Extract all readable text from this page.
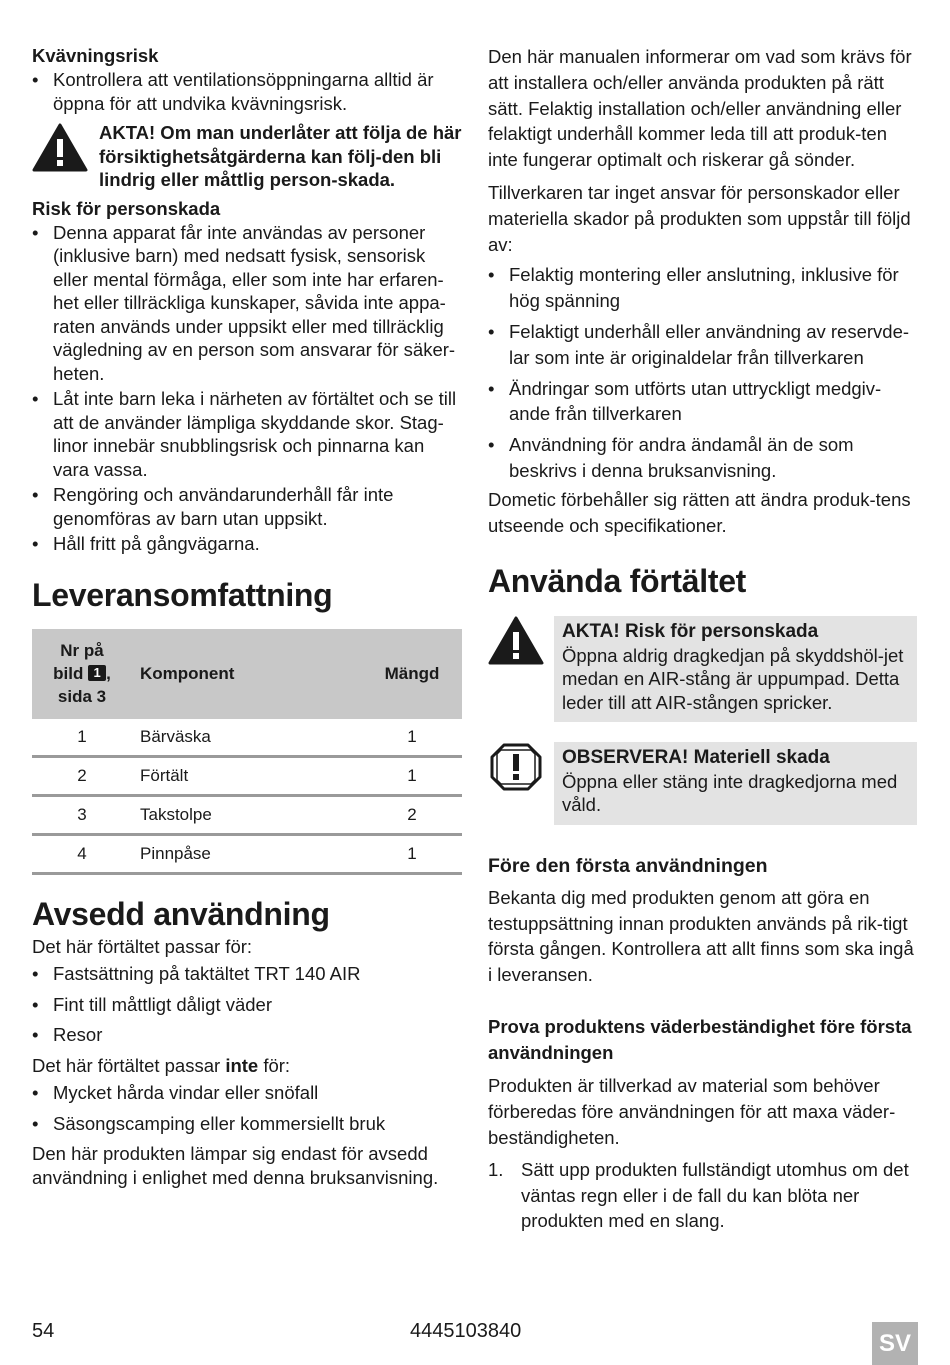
Kvävningsrisk

• Kontrollera att ventilationsöppningarna alltid är öppna för att undvika kvävningsrisk.

AKTA! Om man underlåter att följa de här försiktighetsåtgärderna kan följ-den bli lindrig eller måttlig person-skada.

Risk för personskada

• Denna apparat får inte användas av personer (inklusive barn) med nedsatt fysisk, sensorisk eller mental förmåga, eller som inte har erfaren-het eller tillräckliga kunskaper, såvida inte appa-raten används under uppsikt eller med tillräcklig vägledning av en person som ansvarar för säker-heten.
• Låt inte barn leka i närheten av förtältet och se till att de använder lämpliga skyddande skor. Stag-linor innebär snubblingsrisk och pinnarna kan vara vassa.
• Rengöring och användarunderhåll får inte genomföras av barn utan uppsikt.
• Håll fritt på gångvägarna.
Leveransomfattning
Nr på
bild 1 ,
sida 3	Komponent	Mängd
1	Bärväska	1
2	Förtält	1
3	Takstolpe	2
4	Pinnpåse	1
Avsedd användning

Det här förtältet passar för:

• Fastsättning på taktältet TRT 140 AIR
• Fint till måttligt dåligt väder
• Resor

Det här förtältet passar inte för:

• Mycket hårda vindar eller snöfall
• Säsongscamping eller kommersiellt bruk

Den här produkten lämpar sig endast för avsedd användning i enlighet med denna bruksanvisning.

Den här manualen informerar om vad som krävs för att installera och/eller använda produkten på rätt sätt. Felaktig installation och/eller användning eller felaktigt underhåll kommer leda till att produk-ten inte fungerar optimalt och riskerar gå sönder.

Tillverkaren tar inget ansvar för personskador eller materiella skador på produkten som uppstår till följd av:

• Felaktig montering eller anslutning, inklusive för hög spänning
• Felaktigt underhåll eller användning av reservde-lar som inte är originaldelar från tillverkaren
• Ändringar som utförts utan uttryckligt medgiv-ande från tillverkaren
• Användning för andra ändamål än de som beskrivs i denna bruksanvisning.

Dometic förbehåller sig rätten att ändra produk-tens utseende och specifikationer.

Använda förtältet

AKTA! Risk för personskada

Öppna aldrig dragkedjan på skyddshöl-jet medan en AIR-stång är uppumpad. Detta leder till att AIR-stången spricker.

OBSERVERA! Materiell skada

Öppna eller stäng inte dragkedjorna med våld.

Före den första användningen

Bekanta dig med produkten genom att göra en testuppsättning innan produkten används på rik-tigt första gången. Kontrollera att allt finns som ska ingå i leveransen.

Prova produktens väderbeständighet före första användningen

Produkten är tillverkad av material som behöver förberedas före användningen för att maxa väder-beständigheten.

1. Sätt upp produkten fullständigt utomhus om det väntas regn eller i de fall du kan blöta ner produkten med en slang.
54	4445103840	SV
